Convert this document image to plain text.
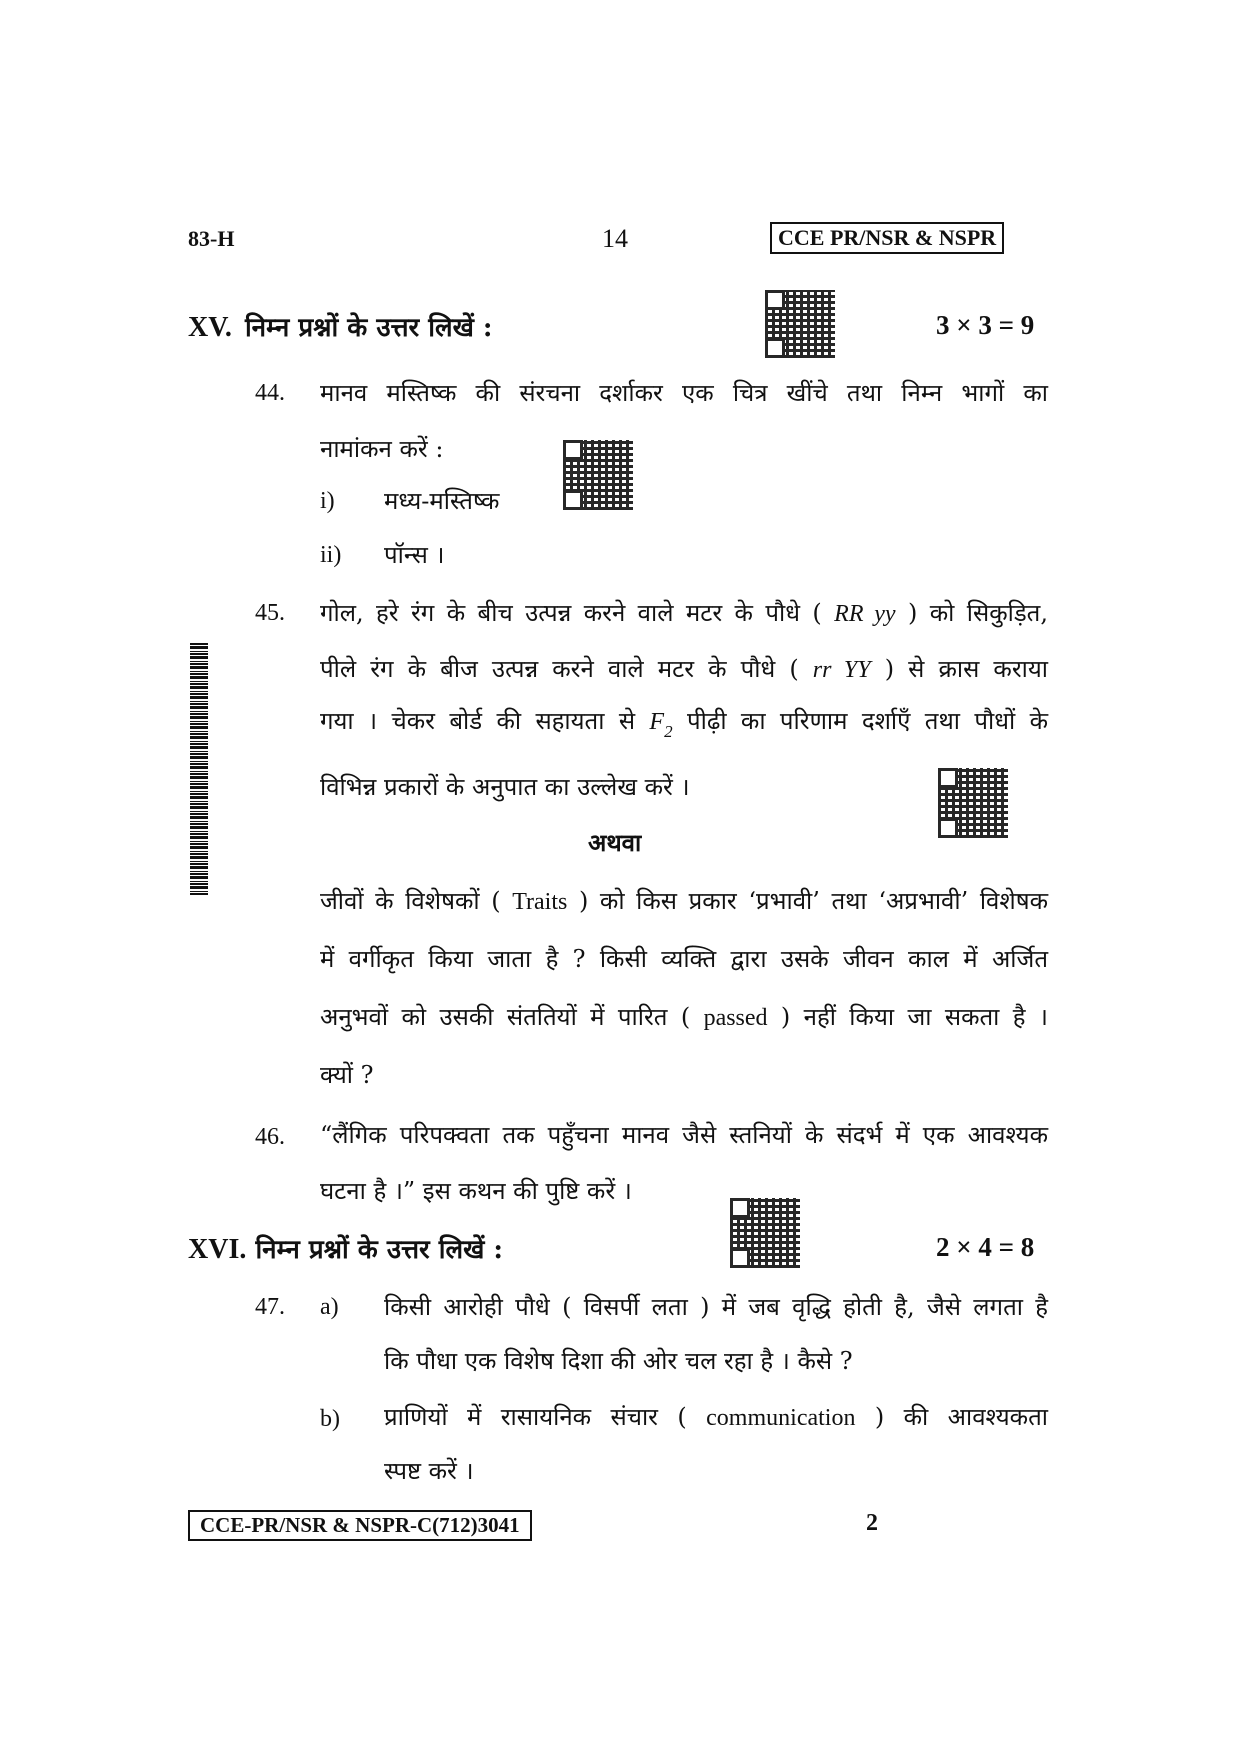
83-H	14	CCE PR/NSR & NSPR
XV. निम्न प्रश्नों के उत्तर लिखें :	3 × 3 = 9
44. मानव मस्तिष्क की संरचना दर्शाकर एक चित्र खींचे तथा निम्न भागों का
नामांकन करें :
i) मध्य-मस्तिष्क
ii) पॉन्स ।
45. गोल, हरे रंग के बीच उत्पन्न करने वाले मटर के पौधे ( RR yy ) को सिकुड़ित,
पीले रंग के बीज उत्पन्न करने वाले मटर के पौधे ( rr YY ) से क्रास कराया
गया । चेकर बोर्ड की सहायता से $F_2$ पीढ़ी का परिणाम दर्शाएँ तथा पौधों के
विभिन्न प्रकारों के अनुपात का उल्लेख करें ।
अथवा
जीवों के विशेषकों ( Traits ) को किस प्रकार ‘प्रभावी’ तथा ‘अप्रभावी’ विशेषक
में वर्गीकृत किया जाता है ? किसी व्यक्ति द्वारा उसके जीवन काल में अर्जित
अनुभवों को उसकी संततियों में पारित ( passed ) नहीं किया जा सकता है ।
क्यों ?
46. “लैंगिक परिपक्वता तक पहुँचना मानव जैसे स्तनियों के संदर्भ में एक आवश्यक
घटना है ।” इस कथन की पुष्टि करें ।
XVI. निम्न प्रश्नों के उत्तर लिखें :	2 × 4 = 8
47. a) किसी आरोही पौधे ( विसर्पी लता ) में जब वृद्धि होती है, जैसे लगता है
कि पौधा एक विशेष दिशा की ओर चल रहा है । कैसे ?
b) प्राणियों में रासायनिक संचार ( communication ) की आवश्यकता
स्पष्ट करें ।
CCE-PR/NSR & NSPR-C(712)3041	2
